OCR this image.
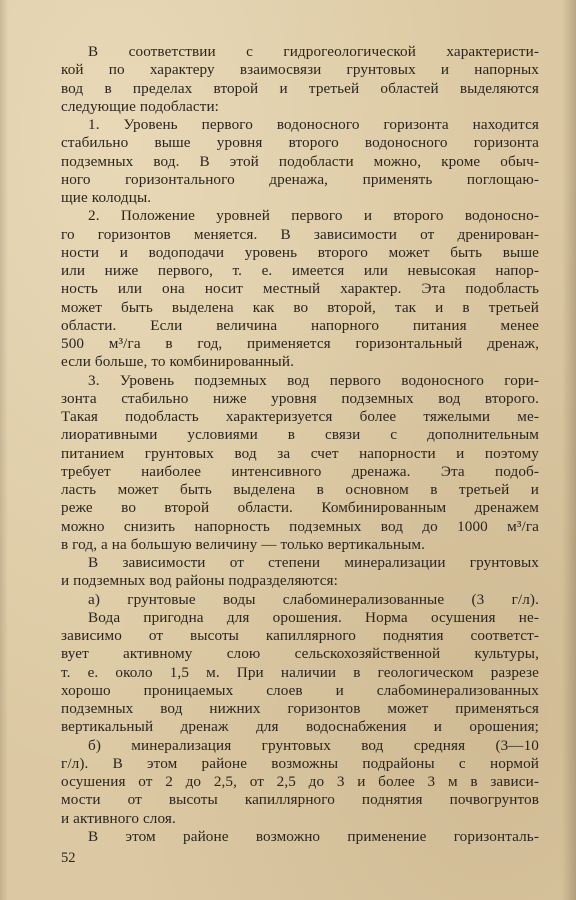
В соответствии с гидрогеологической характеристи-
кой по характеру взаимосвязи грунтовых и напорных
вод в пределах второй и третьей областей выделяются
следующие подобласти:
1. Уровень первого водоносного горизонта находится
стабильно выше уровня второго водоносного горизонта
подземных вод. В этой подобласти можно, кроме обыч-
ного горизонтального дренажа, применять поглощаю-
щие колодцы.
2. Положение уровней первого и второго водоносно-
го горизонтов меняется. В зависимости от дренирован-
ности и водоподачи уровень второго может быть выше
или ниже первого, т. е. имеется или невысокая напор-
ность или она носит местный характер. Эта подобласть
может быть выделена как во второй, так и в третьей
области. Если величина напорного питания менее
500 м³/га в год, применяется горизонтальный дренаж,
если больше, то комбинированный.
3. Уровень подземных вод первого водоносного гори-
зонта стабильно ниже уровня подземных вод второго.
Такая подобласть характеризуется более тяжелыми ме-
лиоративными условиями в связи с дополнительным
питанием грунтовых вод за счет напорности и поэтому
требует наиболее интенсивного дренажа. Эта подоб-
ласть может быть выделена в основном в третьей и
реже во второй области. Комбинированным дренажем
можно снизить напорность подземных вод до 1000 м³/га
в год, а на большую величину — только вертикальным.
В зависимости от степени минерализации грунтовых
и подземных вод районы подразделяются:
а) грунтовые воды слабоминерализованные (3 г/л).
Вода пригодна для орошения. Норма осушения не-
зависимо от высоты капиллярного поднятия соответст-
вует активному слою сельскохозяйственной культуры,
т. е. около 1,5 м. При наличии в геологическом разрезе
хорошо проницаемых слоев и слабоминерализованных
подземных вод нижних горизонтов может применяться
вертикальный дренаж для водоснабжения и орошения;
б) минерализация грунтовых вод средняя (3—10
г/л). В этом районе возможны подрайоны с нормой
осушения от 2 до 2,5, от 2,5 до 3 и более 3 м в зависи-
мости от высоты капиллярного поднятия почвогрунтов
и активного слоя.
В этом районе возможно применение горизонталь-
52
